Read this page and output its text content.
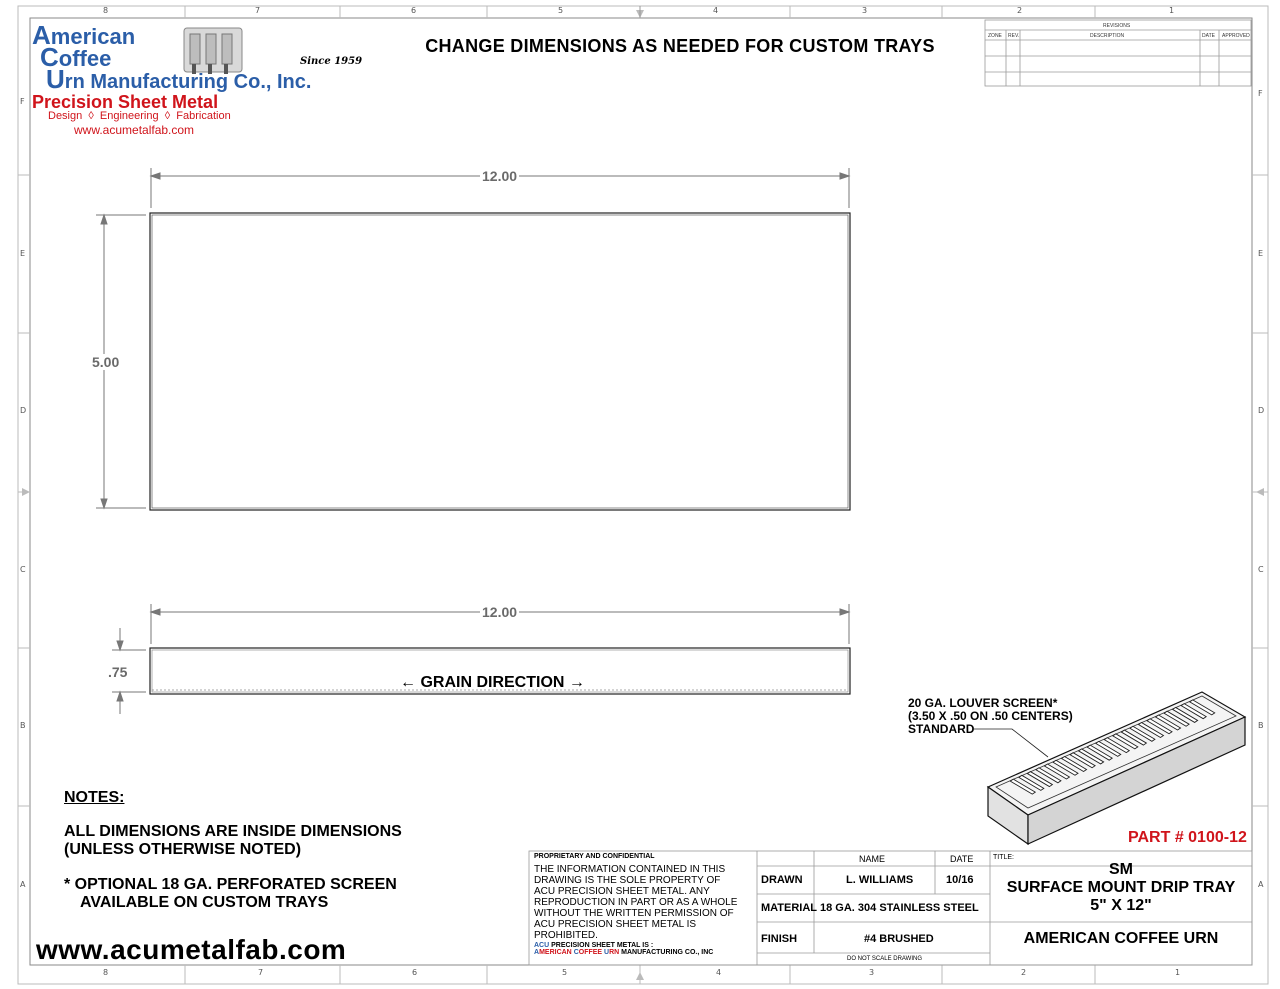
8	7	6	5	4	3	2	1
8	7	6	5	4	3	2	1
F
E
D
C
B
A
F
E
D
C
B
A
American
Coffee
Urn Manufacturing Co., Inc.
Since 1959
Precision Sheet Metal
Design  ◊  Engineering  ◊  Fabrication
www.acumetalfab.com
CHANGE DIMENSIONS AS NEEDED FOR CUSTOM TRAYS
REVISIONS
ZONE REV.	DESCRIPTION	DATE APPROVED
12.00
5.00
12.00
.75
← GRAIN DIRECTION →
20 GA. LOUVER SCREEN*
(3.50 X .50 ON .50 CENTERS)
STANDARD
PART # 0100-12
NOTES:
ALL DIMENSIONS ARE INSIDE DIMENSIONS
(UNLESS OTHERWISE NOTED)
* OPTIONAL 18 GA. PERFORATED SCREEN
AVAILABLE ON CUSTOM TRAYS
www.acumetalfab.com
PROPRIETARY AND CONFIDENTIAL
THE INFORMATION CONTAINED IN THIS
DRAWING IS THE SOLE PROPERTY OF
ACU PRECISION SHEET METAL. ANY
REPRODUCTION IN PART OR AS A WHOLE
WITHOUT THE WRITTEN PERMISSION OF
ACU PRECISION SHEET METAL IS
PROHIBITED.
ACU PRECISION SHEET METAL IS :
AMERICAN COFFEE URN MANUFACTURING CO., INC
NAME	DATE
DRAWN	L. WILLIAMS	10/16
MATERIAL 18 GA. 304 STAINLESS STEEL
FINISH	#4 BRUSHED
DO NOT SCALE DRAWING
TITLE:
SM
SURFACE MOUNT DRIP TRAY
5" X 12"
AMERICAN COFFEE URN
